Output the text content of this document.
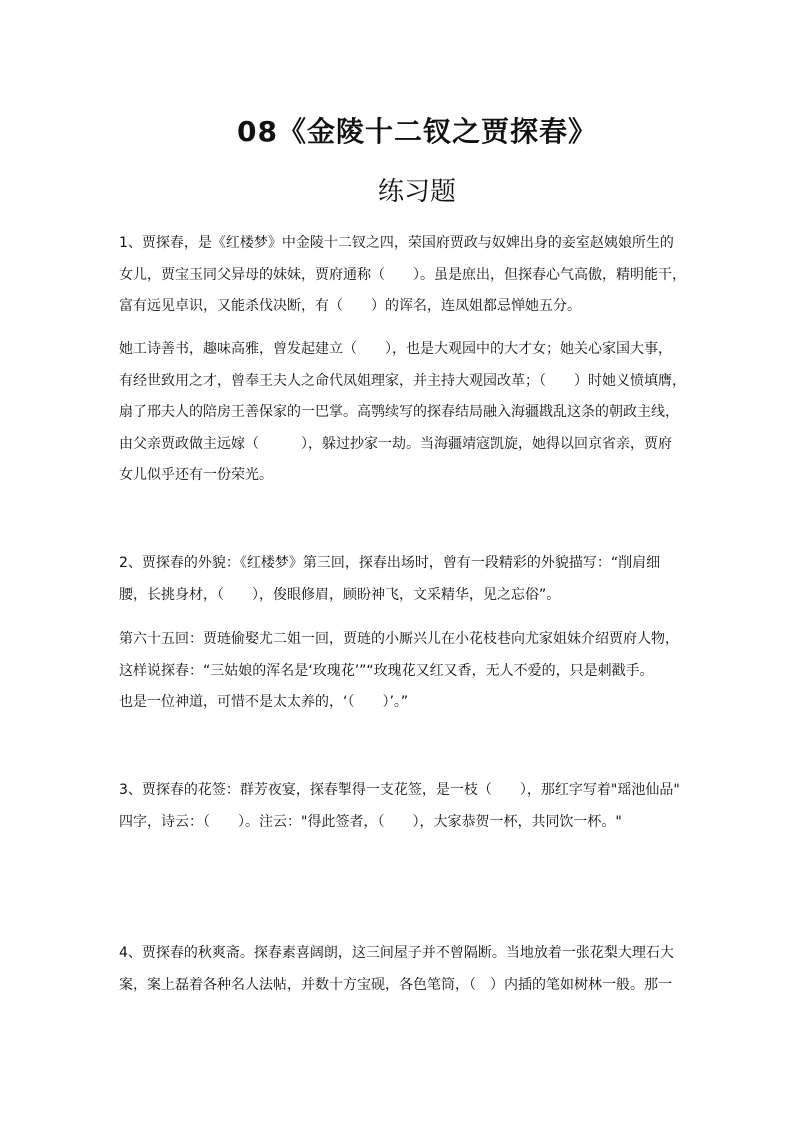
08《金陵十二钗之贾探春》
练习题
1、贾探春，是《红楼梦》中金陵十二钗之四，荣国府贾政与奴婢出身的妾室赵姨娘所生的
女儿，贾宝玉同父异母的妹妹，贾府通称（　　）。虽是庶出，但探春心气高傲，精明能干，
富有远见卓识，又能杀伐决断，有（　　）的诨名，连凤姐都忌惮她五分。
她工诗善书，趣味高雅，曾发起建立（　　），也是大观园中的大才女；她关心家国大事，
有经世致用之才，曾奉王夫人之命代凤姐理家，并主持大观园改革；（　　）时她义愤填膺，
扇了邢夫人的陪房王善保家的一巴掌。高鹗续写的探春结局融入海疆戡乱这条的朝政主线，
由父亲贾政做主远嫁（　　　），躲过抄家一劫。当海疆靖寇凯旋，她得以回京省亲，贾府
女儿似乎还有一份荣光。
2、贾探春的外貌：《红楼梦》第三回，探春出场时，曾有一段精彩的外貌描写：“削肩细
腰，长挑身材，（　　），俊眼修眉，顾盼神飞，文采精华，见之忘俗”。
第六十五回：贾琏偷娶尤二姐一回，贾琏的小厮兴儿在小花枝巷向尤家姐妹介绍贾府人物，
这样说探春：“三姑娘的浑名是‘玫瑰花’”“玫瑰花又红又香，无人不爱的，只是刺戳手。
也是一位神道，可惜不是太太养的，‘（　　）’。”
3、贾探春的花签：群芳夜宴，探春掣得一支花签，是一枝（　　），那红字写着"瑶池仙品"
四字，诗云：（　　）。注云："得此签者，（　　），大家恭贺一杯，共同饮一杯。"
4、贾探春的秋爽斋。探春素喜阔朗，这三间屋子并不曾隔断。当地放着一张花梨大理石大
案，案上磊着各种名人法帖，并数十方宝砚，各色笔筒，（　）内插的笔如树林一般。那一
